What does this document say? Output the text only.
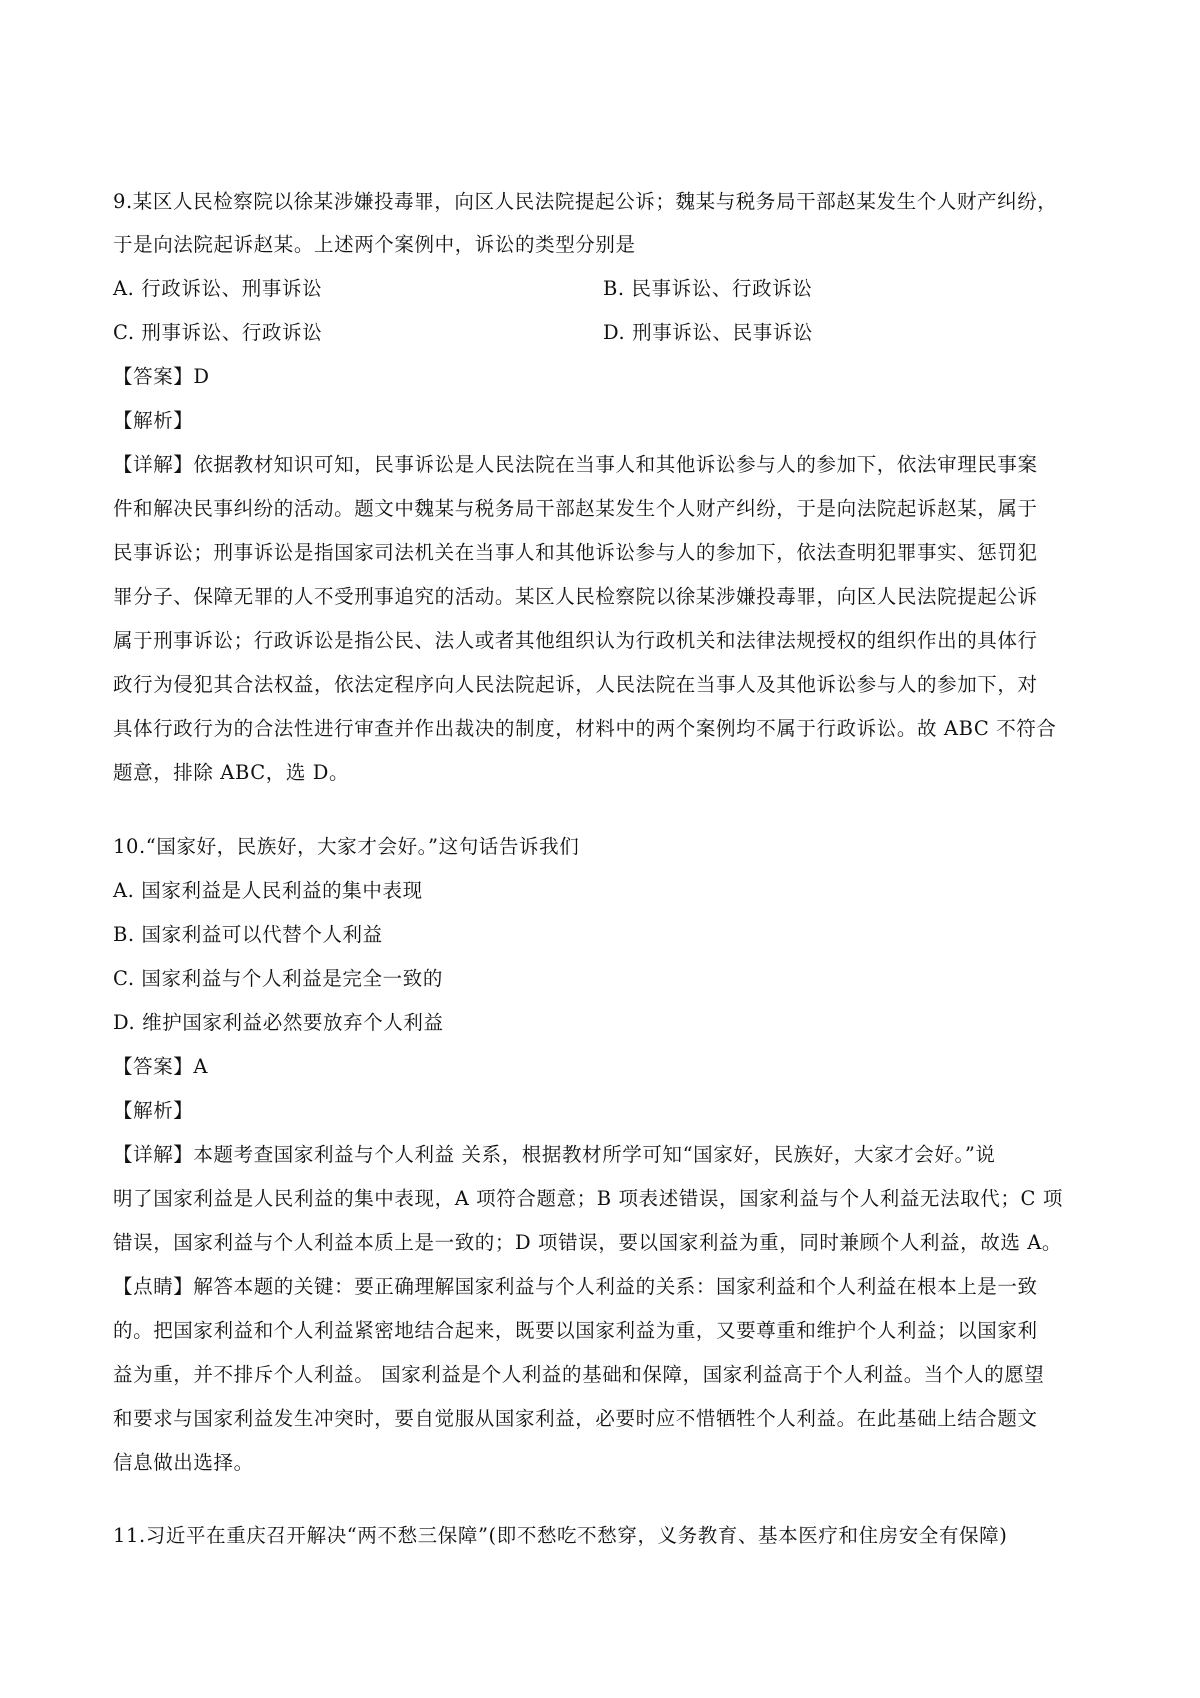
9.某区人民检察院以徐某涉嫌投毒罪，向区人民法院提起公诉；魏某与税务局干部赵某发生个人财产纠纷，
于是向法院起诉赵某。上述两个案例中，诉讼的类型分别是
A. 行政诉讼、刑事诉讼	B. 民事诉讼、行政诉讼
C. 刑事诉讼、行政诉讼	D. 刑事诉讼、民事诉讼
【答案】D
【解析】
【详解】依据教材知识可知，民事诉讼是人民法院在当事人和其他诉讼参与人的参加下，依法审理民事案
件和解决民事纠纷的活动。题文中魏某与税务局干部赵某发生个人财产纠纷，于是向法院起诉赵某，属于
民事诉讼；刑事诉讼是指国家司法机关在当事人和其他诉讼参与人的参加下，依法查明犯罪事实、惩罚犯
罪分子、保障无罪的人不受刑事追究的活动。某区人民检察院以徐某涉嫌投毒罪，向区人民法院提起公诉
属于刑事诉讼；行政诉讼是指公民、法人或者其他组织认为行政机关和法律法规授权的组织作出的具体行
政行为侵犯其合法权益，依法定程序向人民法院起诉，人民法院在当事人及其他诉讼参与人的参加下，对
具体行政行为的合法性进行审查并作出裁决的制度，材料中的两个案例均不属于行政诉讼。故 ABC 不符合
题意，排除 ABC，选 D。
10.“国家好，民族好，大家才会好。”这句话告诉我们
A. 国家利益是人民利益的集中表现
B. 国家利益可以代替个人利益
C. 国家利益与个人利益是完全一致的
D. 维护国家利益必然要放弃个人利益
【答案】A
【解析】
【详解】本题考查国家利益与个人利益 关系，根据教材所学可知“国家好，民族好，大家才会好。”说
明了国家利益是人民利益的集中表现，A 项符合题意；B 项表述错误，国家利益与个人利益无法取代；C 项
错误，国家利益与个人利益本质上是一致的；D 项错误，要以国家利益为重，同时兼顾个人利益，故选 A。
【点睛】解答本题的关键：要正确理解国家利益与个人利益的关系：国家利益和个人利益在根本上是一致
的。把国家利益和个人利益紧密地结合起来，既要以国家利益为重，又要尊重和维护个人利益；以国家利
益为重，并不排斥个人利益。 国家利益是个人利益的基础和保障，国家利益高于个人利益。当个人的愿望
和要求与国家利益发生冲突时，要自觉服从国家利益，必要时应不惜牺牲个人利益。在此基础上结合题文
信息做出选择。
11.习近平在重庆召开解决“两不愁三保障”(即不愁吃不愁穿，义务教育、基本医疗和住房安全有保障)
